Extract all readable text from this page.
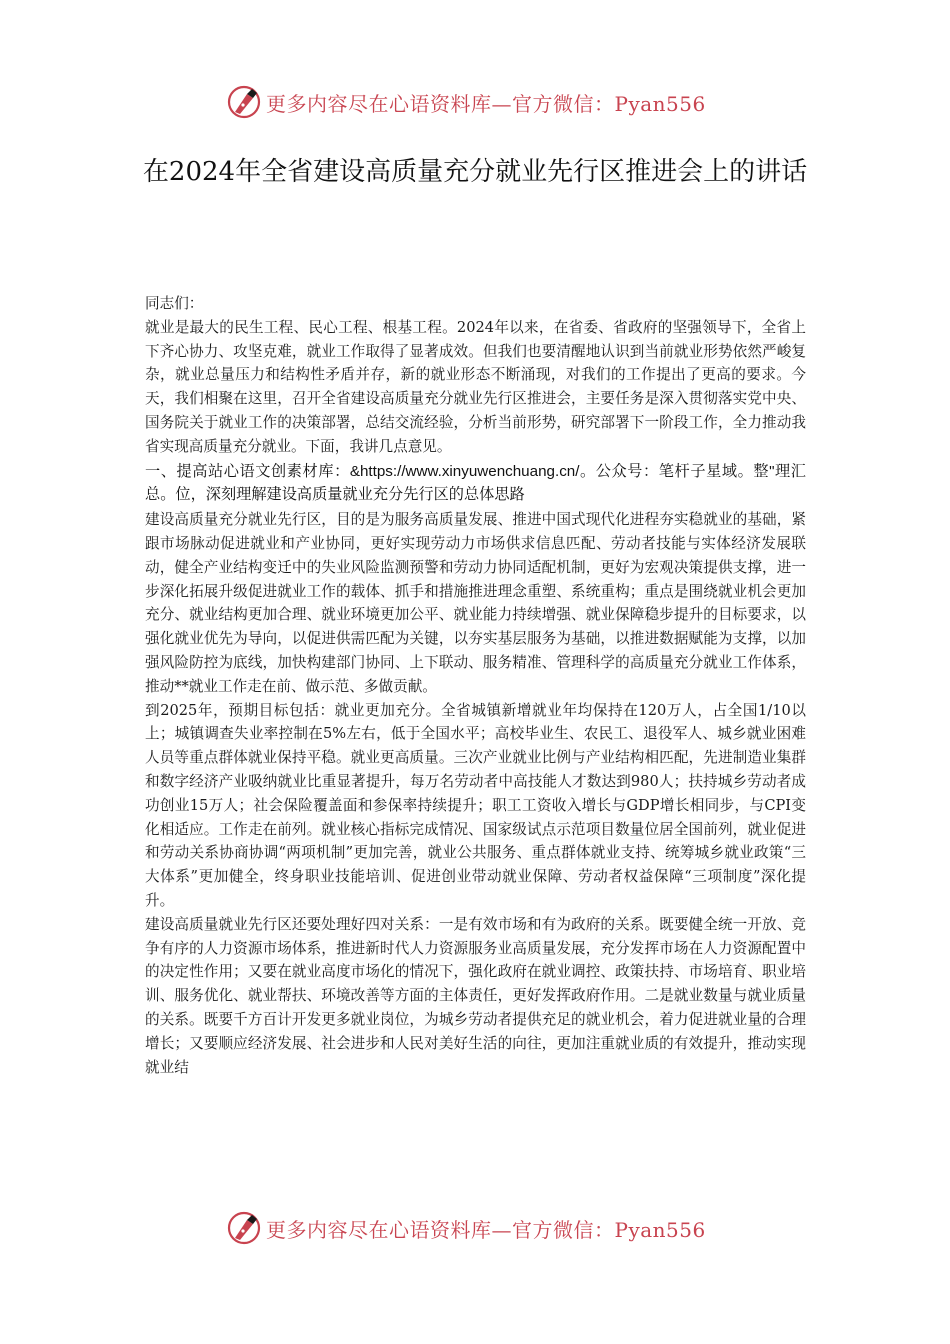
更多内容尽在心语资料库—官方微信：Pyan556
在2024年全省建设高质量充分就业先行区推进会上的讲话

同志们：

就业是最大的民生工程、民心工程、根基工程。2024年以来，在省委、省政府的坚强领导下，全省上下齐心协力、攻坚克难，就业工作取得了显著成效。但我们也要清醒地认识到当前就业形势依然严峻复杂，就业总量压力和结构性矛盾并存，新的就业形态不断涌现，对我们的工作提出了更高的要求。今天，我们相聚在这里，召开全省建设高质量充分就业先行区推进会，主要任务是深入贯彻落实党中央、国务院关于就业工作的决策部署，总结交流经验，分析当前形势，研究部署下一阶段工作，全力推动我省实现高质量充分就业。下面，我讲几点意见。

一、提高站心语文创素材库：&https://www.xinyuwenchuang.cn/。公众号：笔杆子星域。整"理汇总。位，深刻理解建设高质量就业充分先行区的总体思路

建设高质量充分就业先行区，目的是为服务高质量发展、推进中国式现代化进程夯实稳就业的基础，紧跟市场脉动促进就业和产业协同，更好实现劳动力市场供求信息匹配、劳动者技能与实体经济发展联动，健全产业结构变迁中的失业风险监测预警和劳动力协同适配机制，更好为宏观决策提供支撑，进一步深化拓展升级促进就业工作的载体、抓手和措施推进理念重塑、系统重构；重点是围绕就业机会更加充分、就业结构更加合理、就业环境更加公平、就业能力持续增强、就业保障稳步提升的目标要求，以强化就业优先为导向，以促进供需匹配为关键，以夯实基层服务为基础，以推进数据赋能为支撑，以加强风险防控为底线，加快构建部门协同、上下联动、服务精准、管理科学的高质量充分就业工作体系，推动**就业工作走在前、做示范、多做贡献。

到2025年，预期目标包括：就业更加充分。全省城镇新增就业年均保持在120万人，占全国1/10以上；城镇调查失业率控制在5%左右，低于全国水平；高校毕业生、农民工、退役军人、城乡就业困难人员等重点群体就业保持平稳。就业更高质量。三次产业就业比例与产业结构相匹配，先进制造业集群和数字经济产业吸纳就业比重显著提升，每万名劳动者中高技能人才数达到980人；扶持城乡劳动者成功创业15万人；社会保险覆盖面和参保率持续提升；职工工资收入增长与GDP增长相同步，与CPI变化相适应。工作走在前列。就业核心指标完成情况、国家级试点示范项目数量位居全国前列，就业促进和劳动关系协商协调“两项机制”更加完善，就业公共服务、重点群体就业支持、统筹城乡就业政策“三大体系”更加健全，终身职业技能培训、促进创业带动就业保障、劳动者权益保障“三项制度”深化提升。

建设高质量就业先行区还要处理好四对关系：一是有效市场和有为政府的关系。既要健全统一开放、竞争有序的人力资源市场体系，推进新时代人力资源服务业高质量发展，充分发挥市场在人力资源配置中的决定性作用；又要在就业高度市场化的情况下，强化政府在就业调控、政策扶持、市场培育、职业培训、服务优化、就业帮扶、环境改善等方面的主体责任，更好发挥政府作用。二是就业数量与就业质量的关系。既要千方百计开发更多就业岗位，为城乡劳动者提供充足的就业机会，着力促进就业量的合理增长；又要顺应经济发展、社会进步和人民对美好生活的向往，更加注重就业质的有效提升，推动实现就业结

更多内容尽在心语资料库—官方微信：Pyan556
